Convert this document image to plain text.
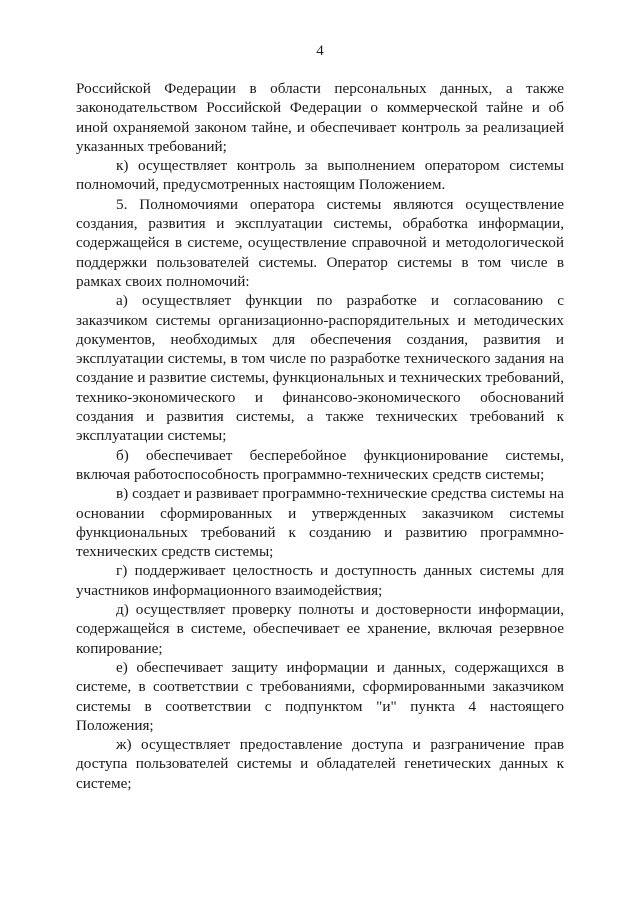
4

Российской Федерации в области персональных данных, а также законодательством Российской Федерации о коммерческой тайне и об иной охраняемой законом тайне, и обеспечивает контроль за реализацией указанных требований;

к) осуществляет контроль за выполнением оператором системы полномочий, предусмотренных настоящим Положением.

5. Полномочиями оператора системы являются осуществление создания, развития и эксплуатации системы, обработка информации, содержащейся в системе, осуществление справочной и методологической поддержки пользователей системы. Оператор системы в том числе в рамках своих полномочий:

а) осуществляет функции по разработке и согласованию с заказчиком системы организационно-распорядительных и методических документов, необходимых для обеспечения создания, развития и эксплуатации системы, в том числе по разработке технического задания на создание и развитие системы, функциональных и технических требований, технико-экономического и финансово-экономического обоснований создания и развития системы, а также технических требований к эксплуатации системы;

б) обеспечивает бесперебойное функционирование системы, включая работоспособность программно-технических средств системы;

в) создает и развивает программно-технические средства системы на основании сформированных и утвержденных заказчиком системы функциональных требований к созданию и развитию программно-технических средств системы;

г) поддерживает целостность и доступность данных системы для участников информационного взаимодействия;

д) осуществляет проверку полноты и достоверности информации, содержащейся в системе, обеспечивает ее хранение, включая резервное копирование;

е) обеспечивает защиту информации и данных, содержащихся в системе, в соответствии с требованиями, сформированными заказчиком системы в соответствии с подпунктом "и" пункта 4 настоящего Положения;

ж) осуществляет предоставление доступа и разграничение прав доступа пользователей системы и обладателей генетических данных к системе;
